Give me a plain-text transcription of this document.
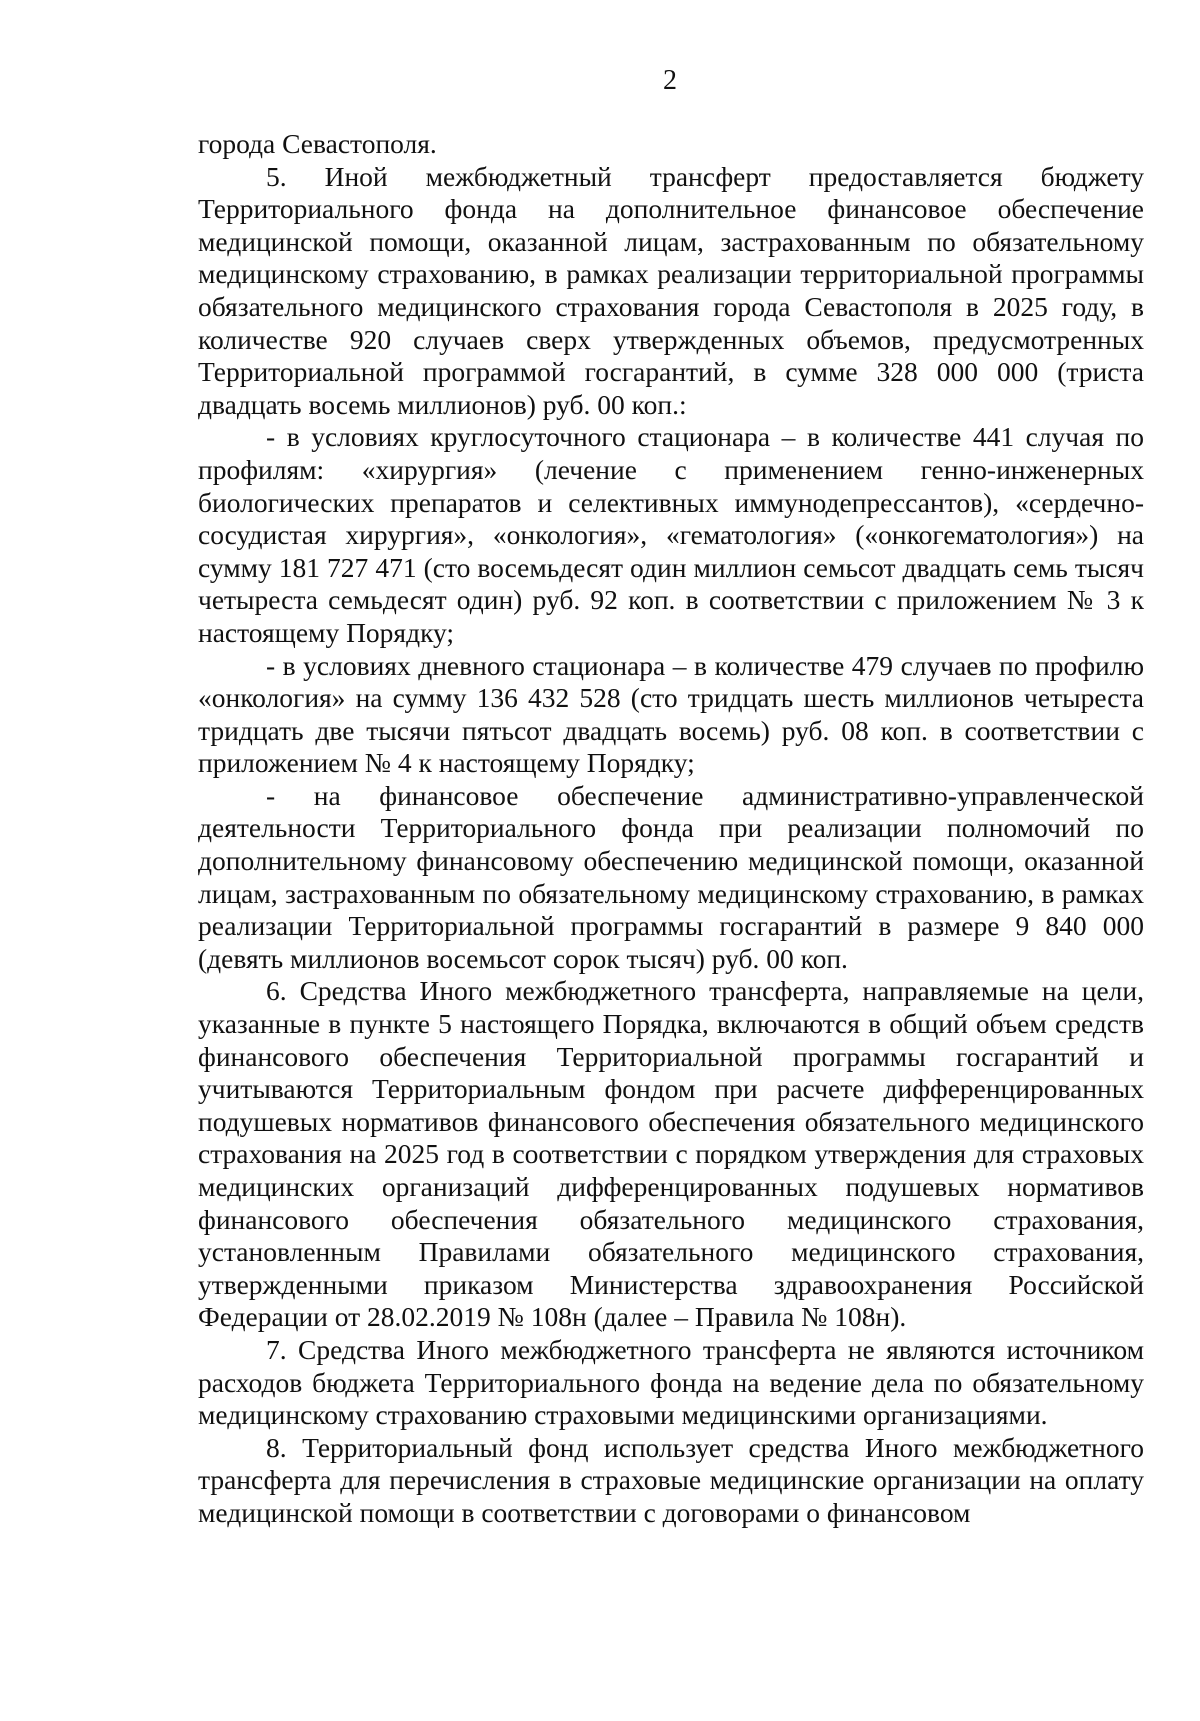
2

города Севастополя.

5. Иной межбюджетный трансферт предоставляется бюджету Территориального фонда на дополнительное финансовое обеспечение медицинской помощи, оказанной лицам, застрахованным по обязательному медицинскому страхованию, в рамках реализации территориальной программы обязательного медицинского страхования города Севастополя в 2025 году, в количестве 920 случаев сверх утвержденных объемов, предусмотренных Территориальной программой госгарантий, в сумме 328 000 000 (триста двадцать восемь миллионов) руб. 00 коп.:

- в условиях круглосуточного стационара – в количестве 441 случая по профилям: «хирургия» (лечение с применением генно-инженерных биологических препаратов и селективных иммунодепрессантов), «сердечно-сосудистая хирургия», «онкология», «гематология» («онкогематология») на сумму 181 727 471 (сто восемьдесят один миллион семьсот двадцать семь тысяч четыреста семьдесят один) руб. 92 коп. в соответствии с приложением № 3 к настоящему Порядку;

- в условиях дневного стационара – в количестве 479 случаев по профилю «онкология» на сумму 136 432 528 (сто тридцать шесть миллионов четыреста тридцать две тысячи пятьсот двадцать восемь) руб. 08 коп. в соответствии с приложением № 4 к настоящему Порядку;

- на финансовое обеспечение административно-управленческой деятельности Территориального фонда при реализации полномочий по дополнительному финансовому обеспечению медицинской помощи, оказанной лицам, застрахованным по обязательному медицинскому страхованию, в рамках реализации Территориальной программы госгарантий в размере 9 840 000 (девять миллионов восемьсот сорок тысяч) руб. 00 коп.

6. Средства Иного межбюджетного трансферта, направляемые на цели, указанные в пункте 5 настоящего Порядка, включаются в общий объем средств финансового обеспечения Территориальной программы госгарантий и учитываются Территориальным фондом при расчете дифференцированных подушевых нормативов финансового обеспечения обязательного медицинского страхования на 2025 год в соответствии с порядком утверждения для страховых медицинских организаций дифференцированных подушевых нормативов финансового обеспечения обязательного медицинского страхования, установленным Правилами обязательного медицинского страхования, утвержденными приказом Министерства здравоохранения Российской Федерации от 28.02.2019 № 108н (далее – Правила № 108н).

7. Средства Иного межбюджетного трансферта не являются источником расходов бюджета Территориального фонда на ведение дела по обязательному медицинскому страхованию страховыми медицинскими организациями.

8. Территориальный фонд использует средства Иного межбюджетного трансферта для перечисления в страховые медицинские организации на оплату медицинской помощи в соответствии с договорами о финансовом
